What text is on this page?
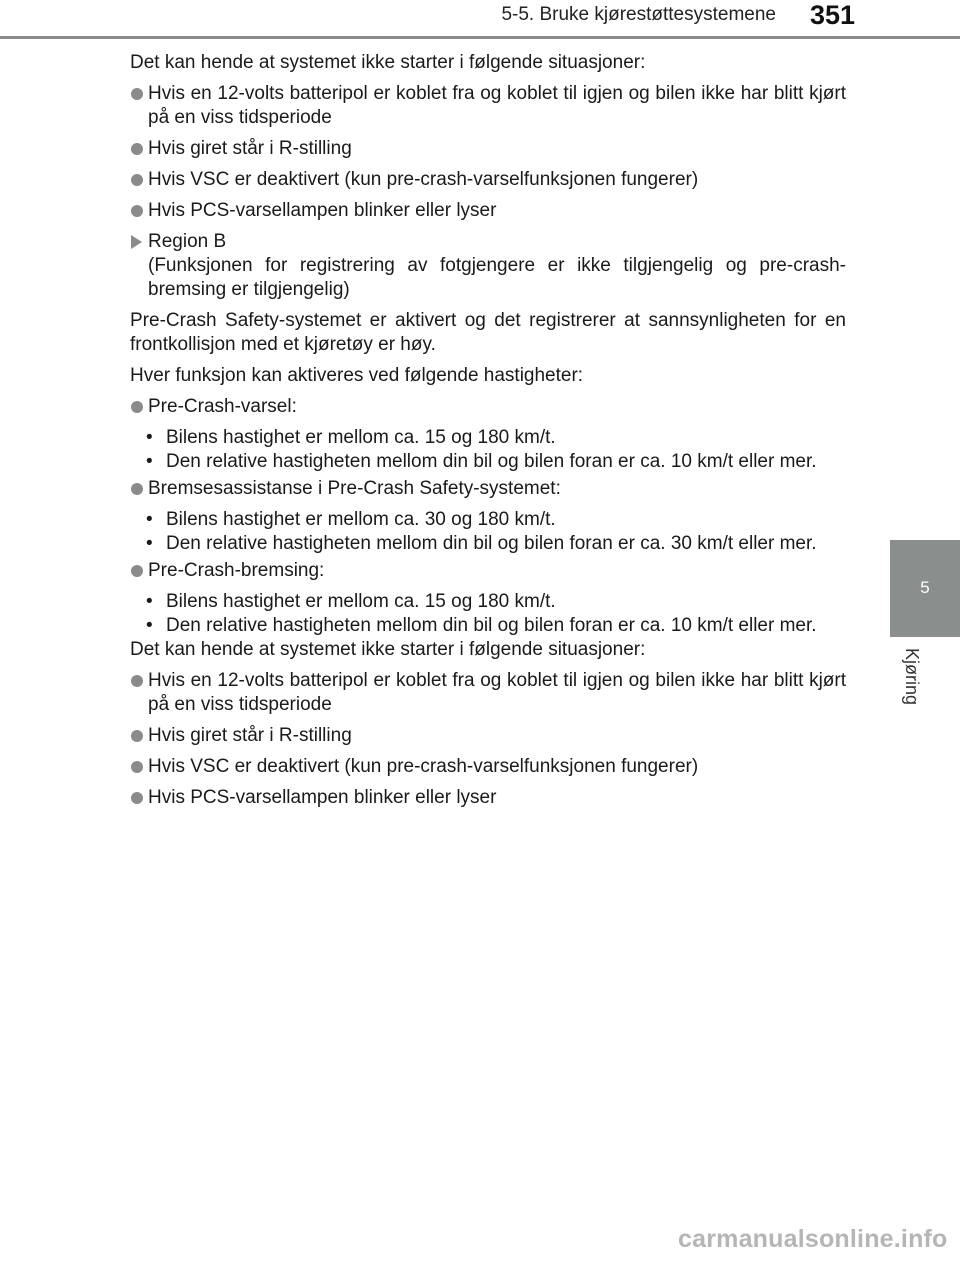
5-5. Bruke kjørestøttesystemene 351
5
Kjøring

Det kan hende at systemet ikke starter i følgende situasjoner:

Hvis en 12-volts batteripol er koblet fra og koblet til igjen og bilen ikke har blitt kjørt på en viss tidsperiode
Hvis giret står i R-stilling
Hvis VSC er deaktivert (kun pre-crash-varselfunksjonen fungerer)
Hvis PCS-varsellampen blinker eller lyser
Region B
(Funksjonen for registrering av fotgjengere er ikke tilgjengelig og pre-crash-bremsing er tilgjengelig)

Pre-Crash Safety-systemet er aktivert og det registrerer at sannsynligheten for en frontkollisjon med et kjøretøy er høy.

Hver funksjon kan aktiveres ved følgende hastigheter:

Pre-Crash-varsel:
• Bilens hastighet er mellom ca. 15 og 180 km/t.
• Den relative hastigheten mellom din bil og bilen foran er ca. 10 km/t eller mer.
Bremsesassistanse i Pre-Crash Safety-systemet:
• Bilens hastighet er mellom ca. 30 og 180 km/t.
• Den relative hastigheten mellom din bil og bilen foran er ca. 30 km/t eller mer.
Pre-Crash-bremsing:
• Bilens hastighet er mellom ca. 15 og 180 km/t.
• Den relative hastigheten mellom din bil og bilen foran er ca. 10 km/t eller mer.

Det kan hende at systemet ikke starter i følgende situasjoner:

Hvis en 12-volts batteripol er koblet fra og koblet til igjen og bilen ikke har blitt kjørt på en viss tidsperiode
Hvis giret står i R-stilling
Hvis VSC er deaktivert (kun pre-crash-varselfunksjonen fungerer)
Hvis PCS-varsellampen blinker eller lyser
carmanualsonline.info
